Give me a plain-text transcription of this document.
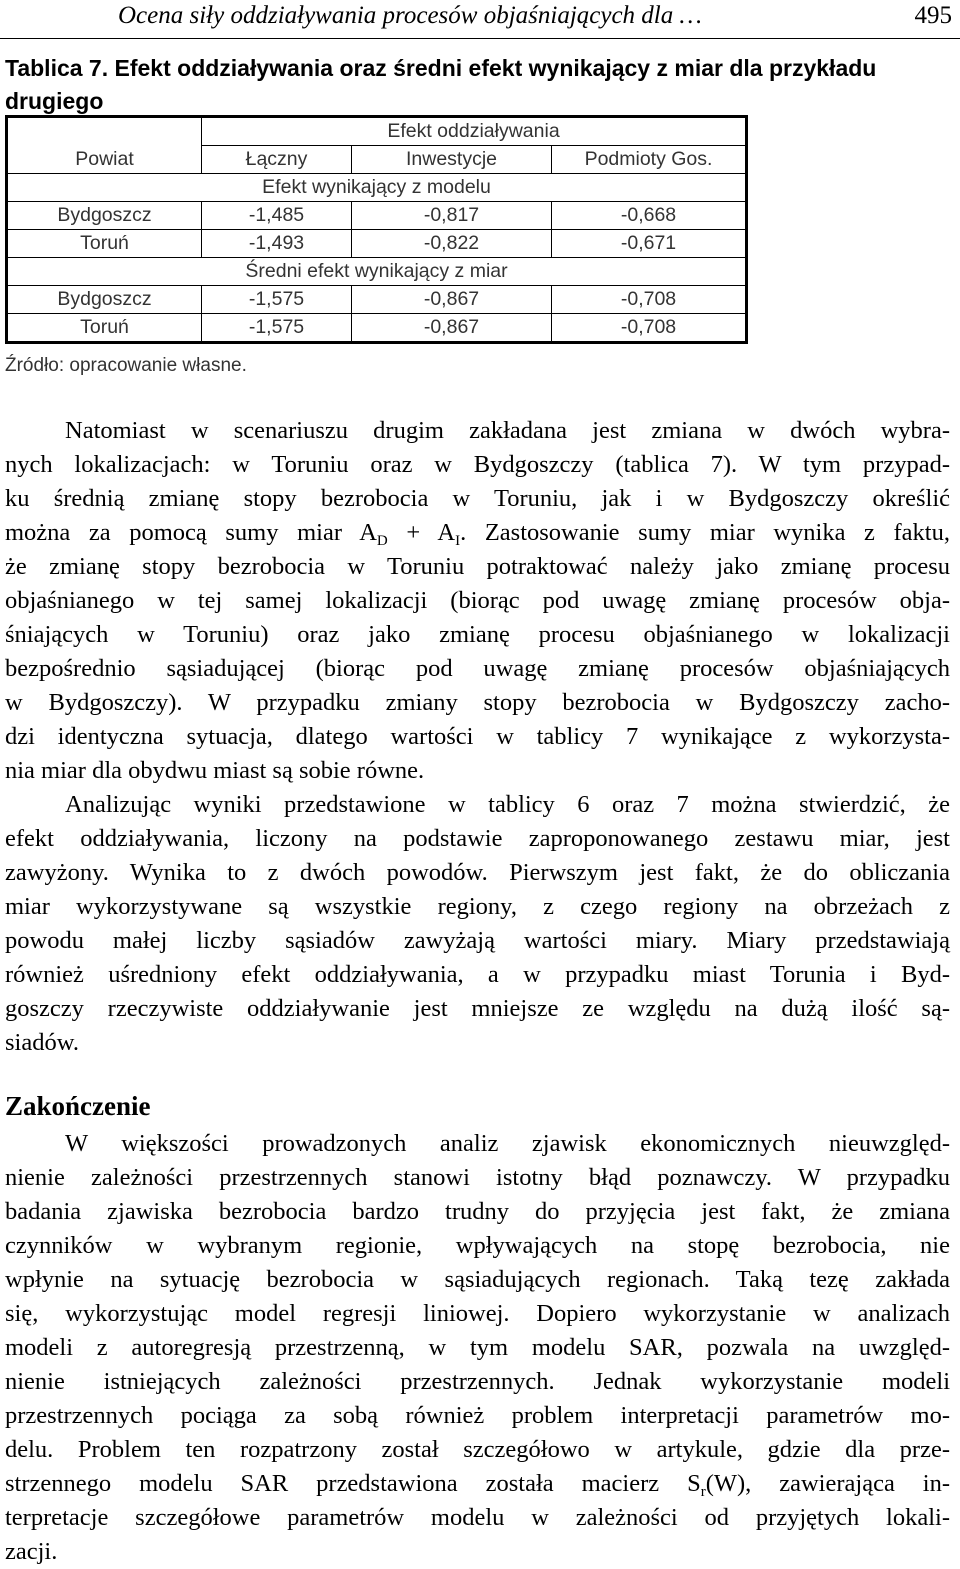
Ocena siły oddziaływania procesów objaśniających dla …	495
Tablica 7. Efekt oddziaływania oraz średni efekt wynikający z miar dla przykładu
drugiego
	Efekt oddziaływania		
Powiat	Łączny	Inwestycje	Podmioty Gos.
Efekt wynikający z modelu			
Bydgoszcz	-1,485	-0,817	-0,668
Toruń	-1,493	-0,822	-0,671
Średni efekt wynikający z miar			
Bydgoszcz	-1,575	-0,867	-0,708
Toruń	-1,575	-0,867	-0,708
Źródło: opracowanie własne.
Natomiast w scenariuszu drugim zakładana jest zmiana w dwóch wybra-
nych lokalizacjach: w Toruniu oraz w Bydgoszczy (tablica 7). W tym przypad-
ku średnią zmianę stopy bezrobocia w Toruniu, jak i w Bydgoszczy określić
można za pomocą sumy miar $A_D + A_I$. Zastosowanie sumy miar wynika z faktu,
że zmianę stopy bezrobocia w Toruniu potraktować należy jako zmianę procesu
objaśnianego w tej samej lokalizacji (biorąc pod uwagę zmianę procesów obja-
śniających w Toruniu) oraz jako zmianę procesu objaśnianego w lokalizacji
bezpośrednio sąsiadującej (biorąc pod uwagę zmianę procesów objaśniających
w Bydgoszczy). W przypadku zmiany stopy bezrobocia w Bydgoszczy zacho-
dzi identyczna sytuacja, dlatego wartości w tablicy 7 wynikające z wykorzysta-
nia miar dla obydwu miast są sobie równe.
Analizując wyniki przedstawione w tablicy 6 oraz 7 można stwierdzić, że
efekt oddziaływania, liczony na podstawie zaproponowanego zestawu miar, jest
zawyżony. Wynika to z dwóch powodów. Pierwszym jest fakt, że do obliczania
miar wykorzystywane są wszystkie regiony, z czego regiony na obrzeżach z
powodu małej liczby sąsiadów zawyżają wartości miary. Miary przedstawiają
również uśredniony efekt oddziaływania, a w przypadku miast Torunia i Byd-
goszczy rzeczywiste oddziaływanie jest mniejsze ze względu na dużą ilość są-
siadów.
Zakończenie
W większości prowadzonych analiz zjawisk ekonomicznych nieuwzględ-
nienie zależności przestrzennych stanowi istotny błąd poznawczy. W przypadku
badania zjawiska bezrobocia bardzo trudny do przyjęcia jest fakt, że zmiana
czynników w wybranym regionie, wpływających na stopę bezrobocia, nie
wpłynie na sytuację bezrobocia w sąsiadujących regionach. Taką tezę zakłada
się, wykorzystując model regresji liniowej. Dopiero wykorzystanie w analizach
modeli z autoregresją przestrzenną, w tym modelu SAR, pozwala na uwzględ-
nienie istniejących zależności przestrzennych. Jednak wykorzystanie modeli
przestrzennych pociąga za sobą również problem interpretacji parametrów mo-
delu. Problem ten rozpatrzony został szczegółowo w artykule, gdzie dla prze-
strzennego modelu SAR przedstawiona została macierz $S_r(W)$, zawierająca in-
terpretacje szczegółowe parametrów modelu w zależności od przyjętych lokali-
zacji.
